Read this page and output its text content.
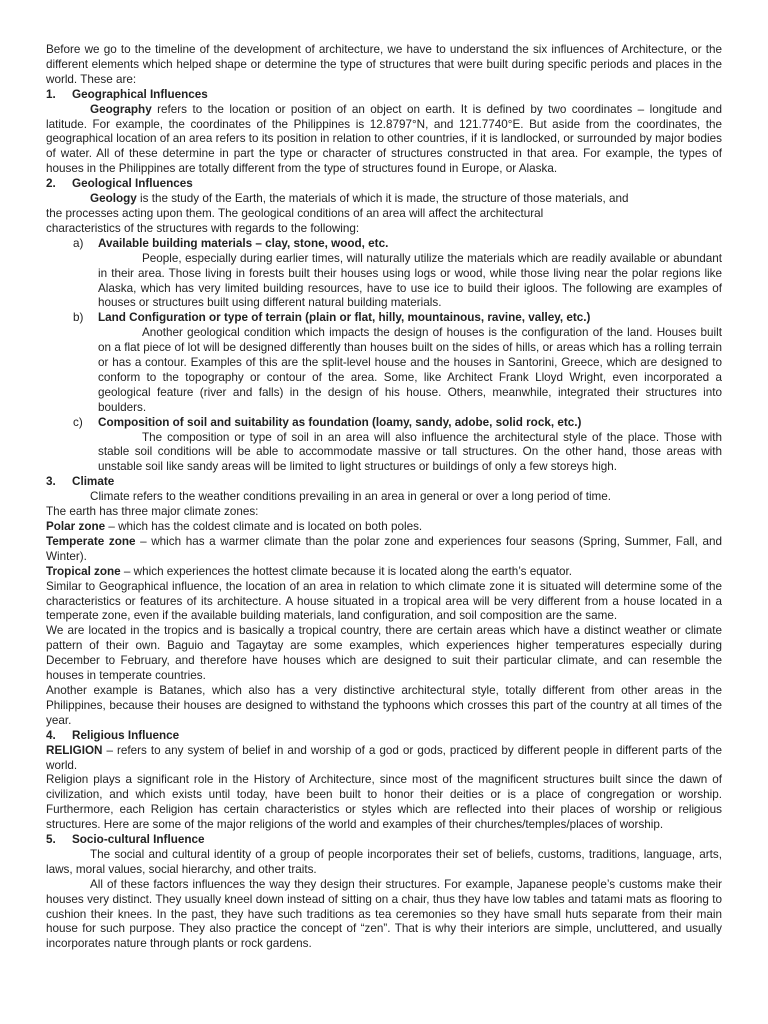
Before we go to the timeline of the development of architecture, we have to understand the six influences of Architecture, or the different elements which helped shape or determine the type of structures that were built during specific periods and places in the world. These are:

1. Geographical Influences

Geography refers to the location or position of an object on earth. It is defined by two coordinates – longitude and latitude. For example, the coordinates of the Philippines is 12.8797°N, and 121.7740°E. But aside from the coordinates, the geographical location of an area refers to its position in relation to other countries, if it is landlocked, or surrounded by major bodies of water. All of these determine in part the type or character of structures constructed in that area. For example, the types of houses in the Philippines are totally different from the type of structures found in Europe, or Alaska.

2. Geological Influences

Geology is the study of the Earth, the materials of which it is made, the structure of those materials, and

the processes acting upon them. The geological conditions of an area will affect the architectural

characteristics of the structures with regards to the following:

a) Available building materials – clay, stone, wood, etc.

People, especially during earlier times, will naturally utilize the materials which are readily available or abundant in their area. Those living in forests built their houses using logs or wood, while those living near the polar regions like Alaska, which has very limited building resources, have to use ice to build their igloos. The following are examples of houses or structures built using different natural building materials.

b) Land Configuration or type of terrain (plain or flat, hilly, mountainous, ravine, valley, etc.)

Another geological condition which impacts the design of houses is the configuration of the land. Houses built on a flat piece of lot will be designed differently than houses built on the sides of hills, or areas which has a rolling terrain or has a contour. Examples of this are the split-level house and the houses in Santorini, Greece, which are designed to conform to the topography or contour of the area. Some, like Architect Frank Lloyd Wright, even incorporated a geological feature (river and falls) in the design of his house. Others, meanwhile, integrated their structures into boulders.

c) Composition of soil and suitability as foundation (loamy, sandy, adobe, solid rock, etc.)

The composition or type of soil in an area will also influence the architectural style of the place. Those with stable soil conditions will be able to accommodate massive or tall structures. On the other hand, those areas with unstable soil like sandy areas will be limited to light structures or buildings of only a few storeys high.

3. Climate

Climate refers to the weather conditions prevailing in an area in general or over a long period of time.

The earth has three major climate zones:

Polar zone – which has the coldest climate and is located on both poles.

Temperate zone – which has a warmer climate than the polar zone and experiences four seasons (Spring, Summer, Fall, and Winter).

Tropical zone – which experiences the hottest climate because it is located along the earth’s equator.

Similar to Geographical influence, the location of an area in relation to which climate zone it is situated will determine some of the characteristics or features of its architecture. A house situated in a tropical area will be very different from a house located in a temperate zone, even if the available building materials, land configuration, and soil composition are the same.

We are located in the tropics and is basically a tropical country, there are certain areas which have a distinct weather or climate pattern of their own. Baguio and Tagaytay are some examples, which experiences higher temperatures especially during December to February, and therefore have houses which are designed to suit their particular climate, and can resemble the houses in temperate countries.

Another example is Batanes, which also has a very distinctive architectural style, totally different from other areas in the Philippines, because their houses are designed to withstand the typhoons which crosses this part of the country at all times of the year.

4. Religious Influence

RELIGION – refers to any system of belief in and worship of a god or gods, practiced by different people in different parts of the world.

Religion plays a significant role in the History of Architecture, since most of the magnificent structures built since the dawn of civilization, and which exists until today, have been built to honor their deities or is a place of congregation or worship. Furthermore, each Religion has certain characteristics or styles which are reflected into their places of worship or religious structures. Here are some of the major religions of the world and examples of their churches/temples/places of worship.

5. Socio-cultural Influence

The social and cultural identity of a group of people incorporates their set of beliefs, customs, traditions, language, arts, laws, moral values, social hierarchy, and other traits.

All of these factors influences the way they design their structures. For example, Japanese people’s customs make their houses very distinct. They usually kneel down instead of sitting on a chair, thus they have low tables and tatami mats as flooring to cushion their knees. In the past, they have such traditions as tea ceremonies so they have small huts separate from their main house for such purpose. They also practice the concept of “zen”. That is why their interiors are simple, uncluttered, and usually incorporates nature through plants or rock gardens.
